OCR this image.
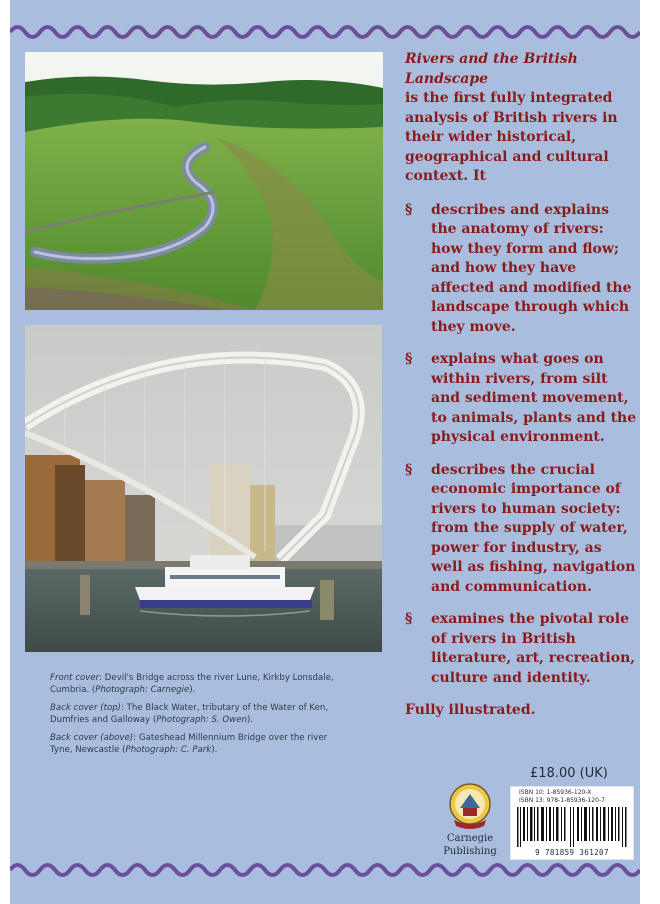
Rivers and the British Landscape
is the first fully integrated analysis of British rivers in their wider historical, geographical and cultural context. It

§	describes and explains the anatomy of rivers: how they form and flow; and how they have affected and modified the landscape through which they move.
§	explains what goes on within rivers, from silt and sediment movement, to animals, plants and the physical environment.
§	describes the crucial economic importance of rivers to human society: from the supply of water, power for industry, as well as fishing, navigation and communication.
§	examines the pivotal role of rivers in British literature, art, recreation, culture and identity.
Fully illustrated.

Front cover: Devil's Bridge across the river Lune, Kirkby Lonsdale, Cumbria. (Photograph: Carnegie).

Back cover (top): The Black Water, tributary of the Water of Ken, Dumfries and Galloway (Photograph: S. Owen).

Back cover (above): Gateshead Millennium Bridge over the river Tyne, Newcastle (Photograph: C. Park).

£18.00 (UK)
Carnegie
Publishing
ISBN 10: 1-85936-120-X
ISBN 13: 978-1-85936-120-7
9 781859 361207
